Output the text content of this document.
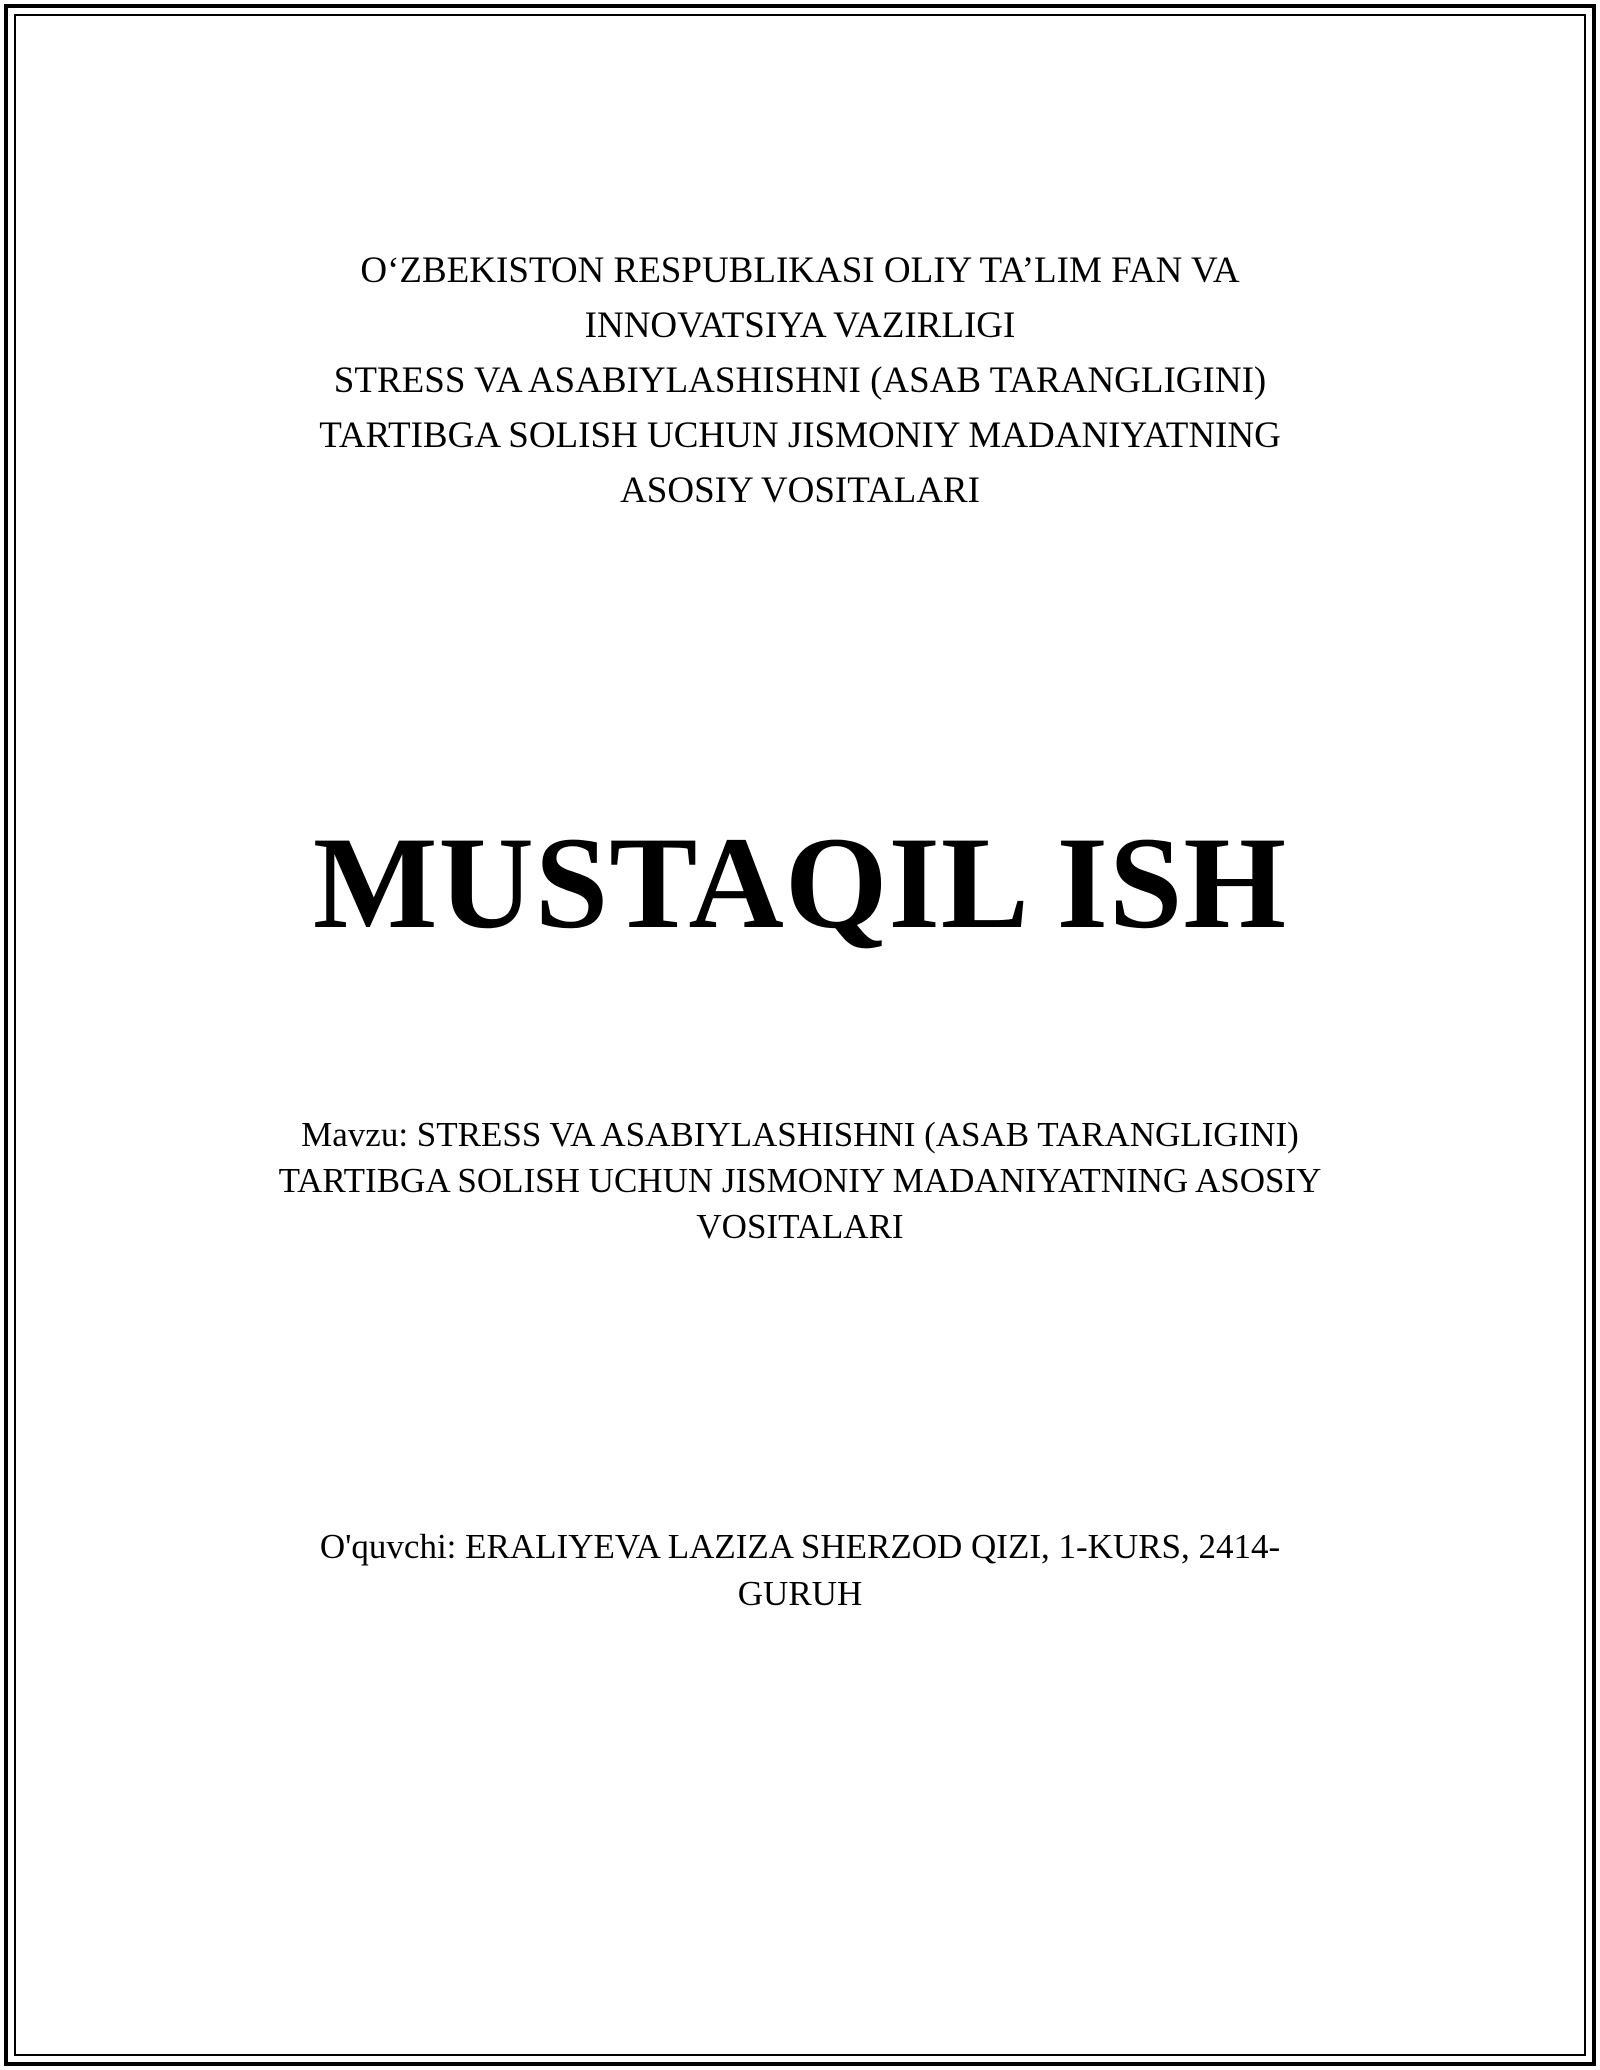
O‘ZBEKISTON RESPUBLIKASI OLIY TA’LIM FAN VA
INNOVATSIYA VAZIRLIGI
STRESS VA ASABIYLASHISHNI (ASAB TARANGLIGINI)
TARTIBGA SOLISH UCHUN JISMONIY MADANIYATNING
ASOSIY VOSITALARI
MUSTAQIL ISH
Mavzu: STRESS VA ASABIYLASHISHNI (ASAB TARANGLIGINI)
TARTIBGA SOLISH UCHUN JISMONIY MADANIYATNING ASOSIY
VOSITALARI
O'quvchi: ERALIYEVA LAZIZA SHERZOD QIZI, 1-KURS, 2414-
GURUH
